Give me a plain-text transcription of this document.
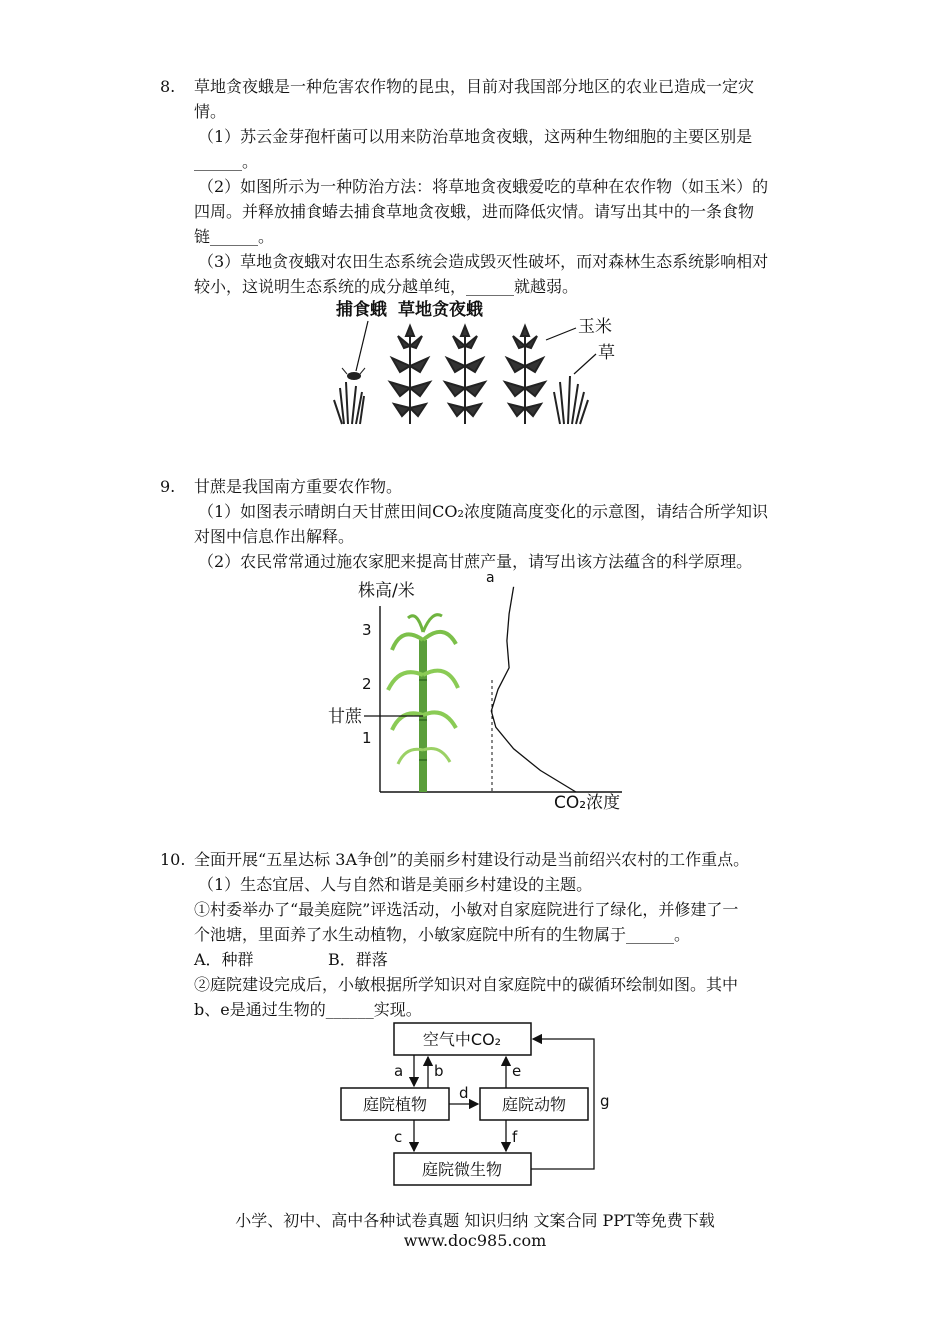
8. 草地贪夜蛾是一种危害农作物的昆虫，目前对我国部分地区的农业已造成一定灾
情。
（1）苏云金芽孢杆菌可以用来防治草地贪夜蛾，这两种生物细胞的主要区别是
______。
（2）如图所示为一种防治方法：将草地贪夜蛾爱吃的草种在农作物（如玉米）的
四周。并释放捕食蝽去捕食草地贪夜蛾，进而降低灾情。请写出其中的一条食物
链______。
（3）草地贪夜蛾对农田生态系统会造成毁灭性破坏，而对森林生态系统影响相对
较小，这说明生态系统的成分越单纯，______就越弱。
捕食蛾 草地贪夜蛾
玉米
草
9. 甘蔗是我国南方重要农作物。
（1）如图表示晴朗白天甘蔗田间CO₂浓度随高度变化的示意图，请结合所学知识
对图中信息作出解释。
（2）农民常常通过施农家肥来提高甘蔗产量，请写出该方法蕴含的科学原理。
株高/米
CO₂浓度
a
甘蔗
1
2
3
10. 全面开展“五星达标 3A争创”的美丽乡村建设行动是当前绍兴农村的工作重点。
（1）生态宜居、人与自然和谐是美丽乡村建设的主题。
①村委举办了“最美庭院”评选活动，小敏对自家庭院进行了绿化，并修建了一
个池塘，里面养了水生动植物，小敏家庭院中所有的生物属于______。
A．种群	B．群落
②庭院建设完成后，小敏根据所学知识对自家庭院中的碳循环绘制如图。其中
b、e是通过生物的______实现。
空气中CO₂
庭院植物	庭院动物
庭院微生物
a b	e
d
c	f
g
小学、初中、高中各种试卷真题 知识归纳 文案合同 PPT等免费下载
www.doc985.com
